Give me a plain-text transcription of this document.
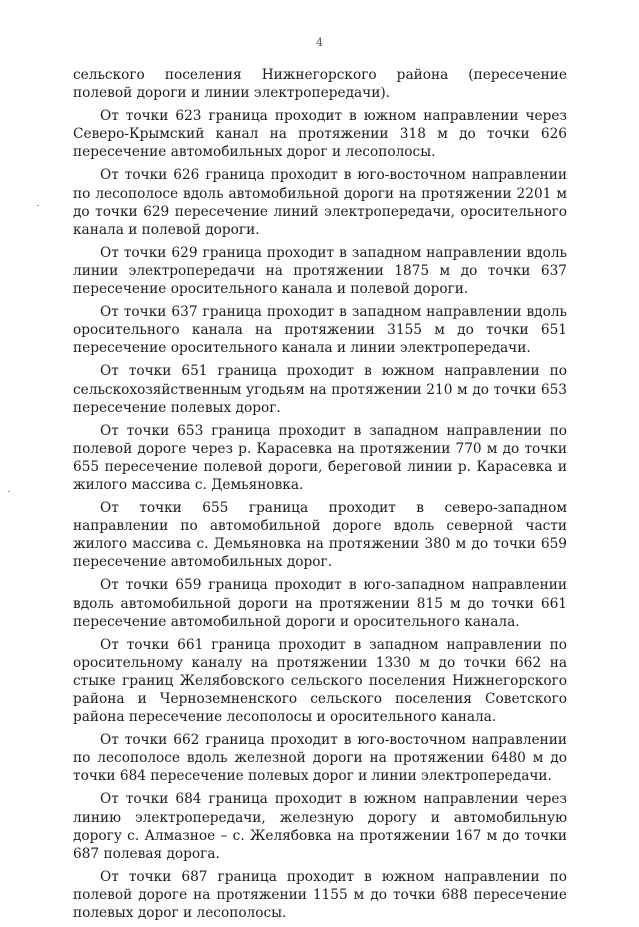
4

сельского поселения Нижнегорского района (пересечение полевой дороги и линии электропередачи).

От точки 623 граница проходит в южном направлении через Северо-Крымский канал на протяжении 318 м до точки 626 пересечение автомобильных дорог и лесополосы.

От точки 626 граница проходит в юго-восточном направлении по лесополосе вдоль автомобильной дороги на протяжении 2201 м до точки 629 пересечение линий электропередачи, оросительного канала и полевой дороги.

От точки 629 граница проходит в западном направлении вдоль линии электропередачи на протяжении 1875 м до точки 637 пересечение оросительного канала и полевой дороги.

От точки 637 граница проходит в западном направлении вдоль оросительного канала на протяжении 3155 м до точки 651 пересечение оросительного канала и линии электропередачи.

От точки 651 граница проходит в южном направлении по сельскохозяйственным угодьям на протяжении 210 м до точки 653 пересечение полевых дорог.

От точки 653 граница проходит в западном направлении по полевой дороге через р. Карасевка на протяжении 770 м до точки 655 пересечение полевой дороги, береговой линии р. Карасевка и жилого массива с. Демьяновка.

От точки 655 граница проходит в северо-западном направлении по автомобильной дороге вдоль северной части жилого массива с. Демьяновка на протяжении 380 м до точки 659 пересечение автомобильных дорог.

От точки 659 граница проходит в юго-западном направлении вдоль автомобильной дороги на протяжении 815 м до точки 661 пересечение автомобильной дороги и оросительного канала.

От точки 661 граница проходит в западном направлении по оросительному каналу на протяжении 1330 м до точки 662 на стыке границ Желябовского сельского поселения Нижнегорского района и Черноземненского сельского поселения Советского района пересечение лесополосы и оросительного канала.

От точки 662 граница проходит в юго-восточном направлении по лесополосе вдоль железной дороги на протяжении 6480 м до точки 684 пересечение полевых дорог и линии электропередачи.

От точки 684 граница проходит в южном направлении через линию электропередачи, железную дорогу и автомобильную дорогу с. Алмазное – с. Желябовка на протяжении 167 м до точки 687 полевая дорога.

От точки 687 граница проходит в южном направлении по полевой дороге на протяжении 1155 м до точки 688 пересечение полевых дорог и лесополосы.
